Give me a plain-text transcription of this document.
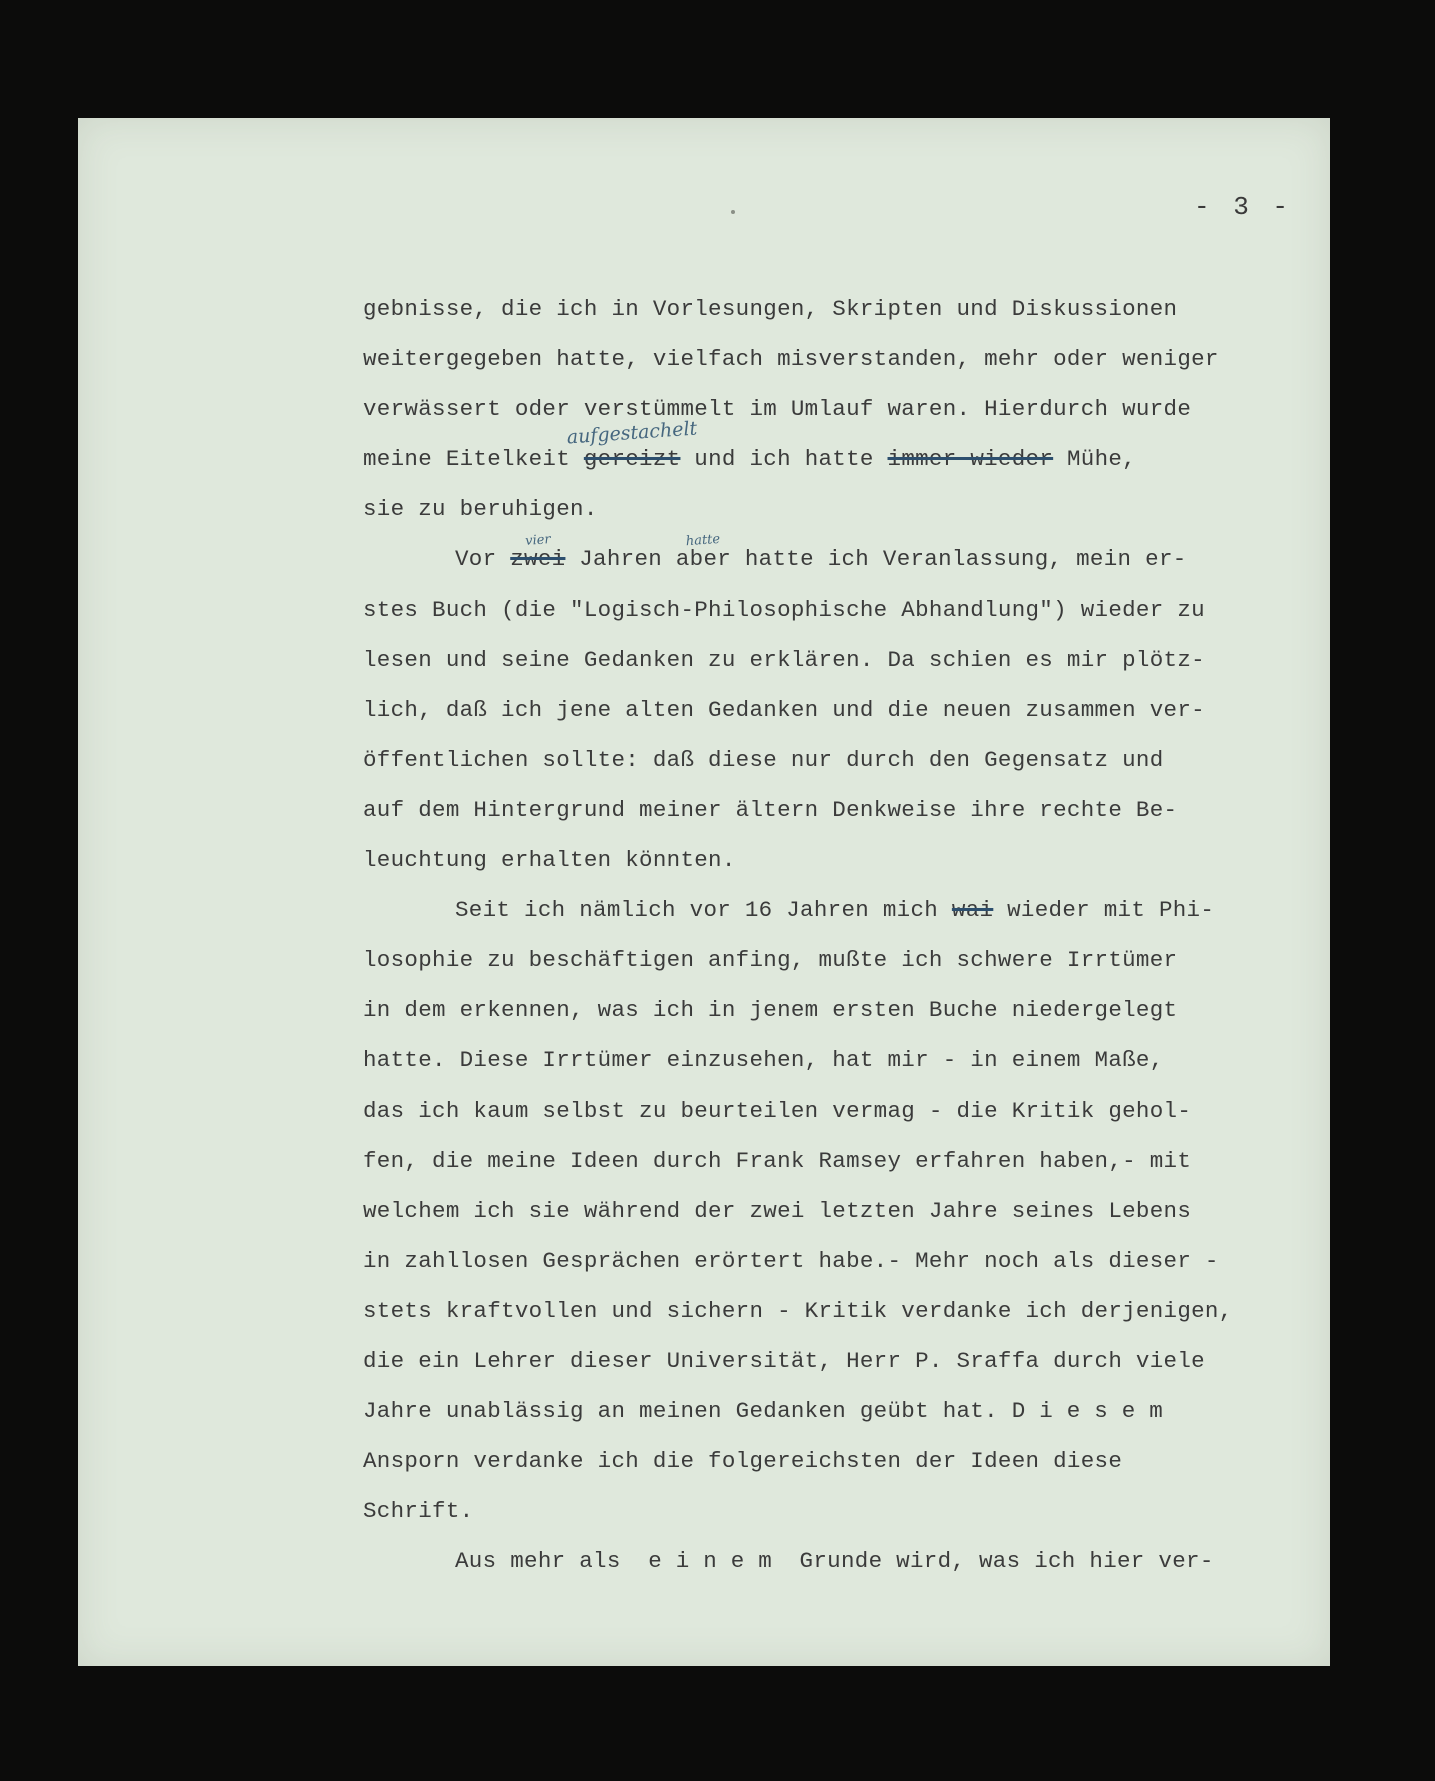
- 3 -
gebnisse, die ich in Vorlesungen, Skripten und Diskussionen
weitergegeben hatte, vielfach misverstanden, mehr oder weniger
verwässert oder verstümmelt im Umlauf waren. Hierdurch wurde
meine Eitelkeit
aufgestachelt
gereizt und ich hatte immer wieder Mühe,
sie zu beruhigen.
Vor
vier
zwei Jahren
hatte
aber hatte ich Veranlassung, mein er-
stes Buch (die "Logisch-Philosophische Abhandlung") wieder zu
lesen und seine Gedanken zu erklären. Da schien es mir plötz-
lich, daß ich jene alten Gedanken und die neuen zusammen ver-
öffentlichen sollte: daß diese nur durch den Gegensatz und
auf dem Hintergrund meiner ältern Denkweise ihre rechte Be-
leuchtung erhalten könnten.
Seit ich nämlich vor 16 Jahren mich wai wieder mit Phi-
losophie zu beschäftigen anfing, mußte ich schwere Irrtümer
in dem erkennen, was ich in jenem ersten Buche niedergelegt
hatte. Diese Irrtümer einzusehen, hat mir - in einem Maße,
das ich kaum selbst zu beurteilen vermag - die Kritik gehol-
fen, die meine Ideen durch Frank Ramsey erfahren haben,- mit
welchem ich sie während der zwei letzten Jahre seines Lebens
in zahllosen Gesprächen erörtert habe.- Mehr noch als dieser -
stets kraftvollen und sichern - Kritik verdanke ich derjenigen,
die ein Lehrer dieser Universität, Herr P. Sraffa durch viele
Jahre unablässig an meinen Gedanken geübt hat. Diesem
Ansporn verdanke ich die folgereichsten der Ideen diese
Schrift.
Aus mehr als  einem Grunde wird, was ich hier ver-
